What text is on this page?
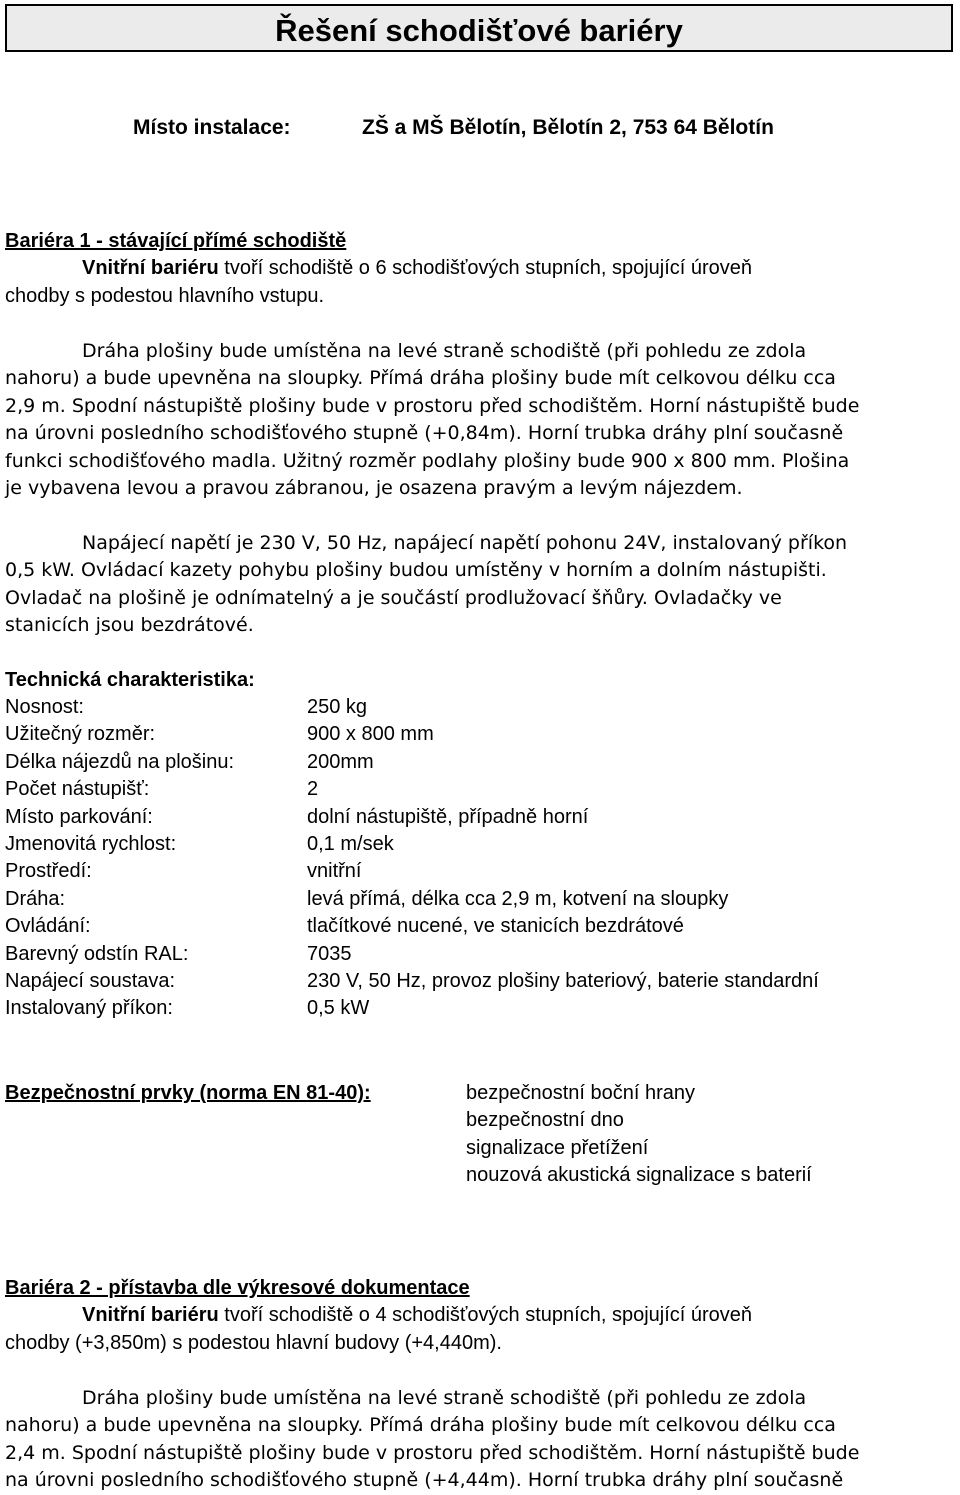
Řešení schodišťové bariéry
Místo instalace:	ZŠ a MŠ Bělotín, Bělotín 2, 753 64 Bělotín
Bariéra 1 - stávající přímé schodiště
Vnitřní bariéru tvoří schodiště o 6 schodišťových stupních, spojující úroveň
chodby s podestou hlavního vstupu.
Dráha plošiny bude umístěna na levé straně schodiště (při pohledu ze zdola
nahoru) a bude upevněna na sloupky. Přímá dráha plošiny bude mít celkovou délku cca
2,9 m. Spodní nástupiště plošiny bude v prostoru před schodištěm. Horní nástupiště bude
na úrovni posledního schodišťového stupně (+0,84m). Horní trubka dráhy plní současně
funkci schodišťového madla. Užitný rozměr podlahy plošiny bude 900 x 800 mm. Plošina
je vybavena levou a pravou zábranou, je osazena pravým a levým nájezdem.
Napájecí napětí je 230 V, 50 Hz, napájecí napětí pohonu 24V, instalovaný příkon
0,5 kW. Ovládací kazety pohybu plošiny budou umístěny v horním a dolním nástupišti.
Ovladač na plošině je odnímatelný a je součástí prodlužovací šňůry. Ovladačky ve
stanicích jsou bezdrátové.
Technická charakteristika:
Nosnost:	250 kg
Užitečný rozměr:	900 x 800 mm
Délka nájezdů na plošinu:	200mm
Počet nástupišť:	2
Místo parkování:	dolní nástupiště, případně horní
Jmenovitá rychlost:	0,1 m/sek
Prostředí:	vnitřní
Dráha:	levá přímá, délka cca 2,9 m, kotvení na sloupky
Ovládání:	tlačítkové nucené, ve stanicích bezdrátové
Barevný odstín RAL:	7035
Napájecí soustava:	230 V, 50 Hz, provoz plošiny bateriový, baterie standardní
Instalovaný příkon:	0,5 kW
Bezpečnostní prvky (norma EN 81-40):	bezpečnostní boční hrany
bezpečnostní dno
signalizace přetížení
nouzová akustická signalizace s baterií
Bariéra 2 - přístavba dle výkresové dokumentace
Vnitřní bariéru tvoří schodiště o 4 schodišťových stupních, spojující úroveň
chodby (+3,850m) s podestou hlavní budovy (+4,440m).
Dráha plošiny bude umístěna na levé straně schodiště (při pohledu ze zdola
nahoru) a bude upevněna na sloupky. Přímá dráha plošiny bude mít celkovou délku cca
2,4 m. Spodní nástupiště plošiny bude v prostoru před schodištěm. Horní nástupiště bude
na úrovni posledního schodišťového stupně (+4,44m). Horní trubka dráhy plní současně
